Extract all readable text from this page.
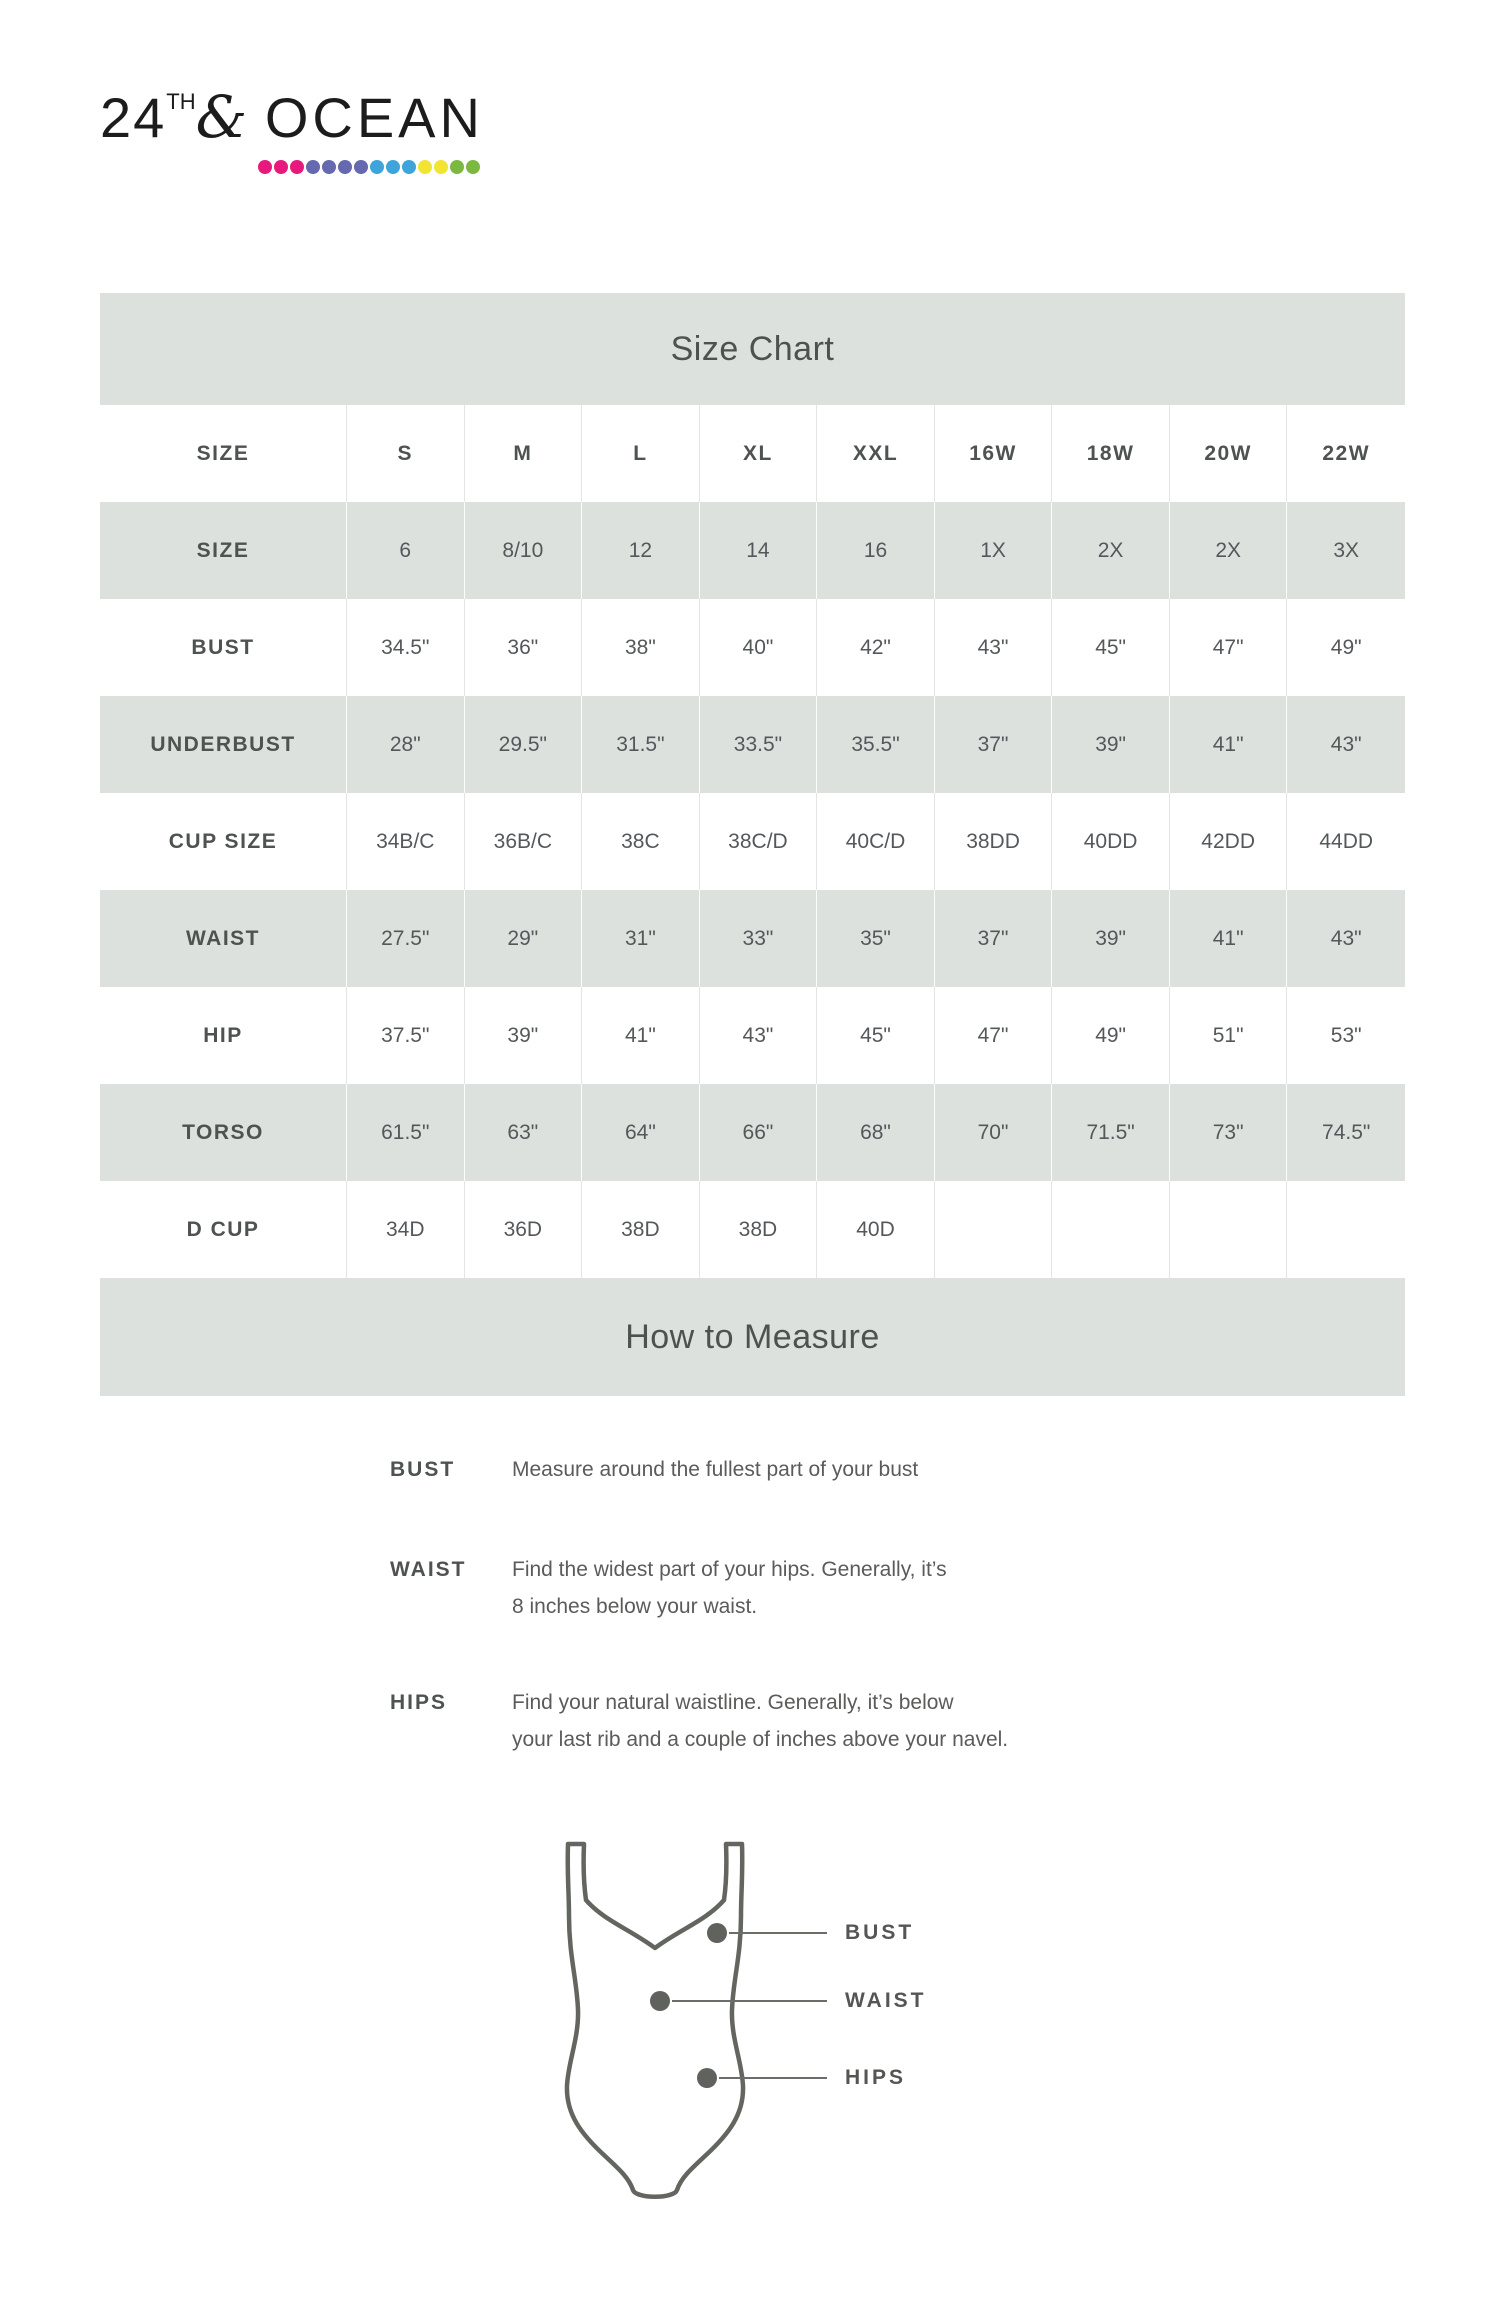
24TH& OCEAN
Size Chart
SIZE	S	M	L	XL	XXL	16W	18W	20W	22W
SIZE	6	8/10	12	14	16	1X	2X	2X	3X
BUST	34.5"	36"	38"	40"	42"	43"	45"	47"	49"
UNDERBUST	28"	29.5"	31.5"	33.5"	35.5"	37"	39"	41"	43"
CUP SIZE	34B/C	36B/C	38C	38C/D	40C/D	38DD	40DD	42DD	44DD
WAIST	27.5"	29"	31"	33"	35"	37"	39"	41"	43"
HIP	37.5"	39"	41"	43"	45"	47"	49"	51"	53"
TORSO	61.5"	63"	64"	66"	68"	70"	71.5"	73"	74.5"
D CUP	34D	36D	38D	38D	40D
How to Measure
BUST	Measure around the fullest part of your bust
WAIST	Find the widest part of your hips. Generally, it’s
8 inches below your waist.
HIPS	Find your natural waistline. Generally, it’s below
your last rib and a couple of inches above your navel.
BUST
WAIST
HIPS
